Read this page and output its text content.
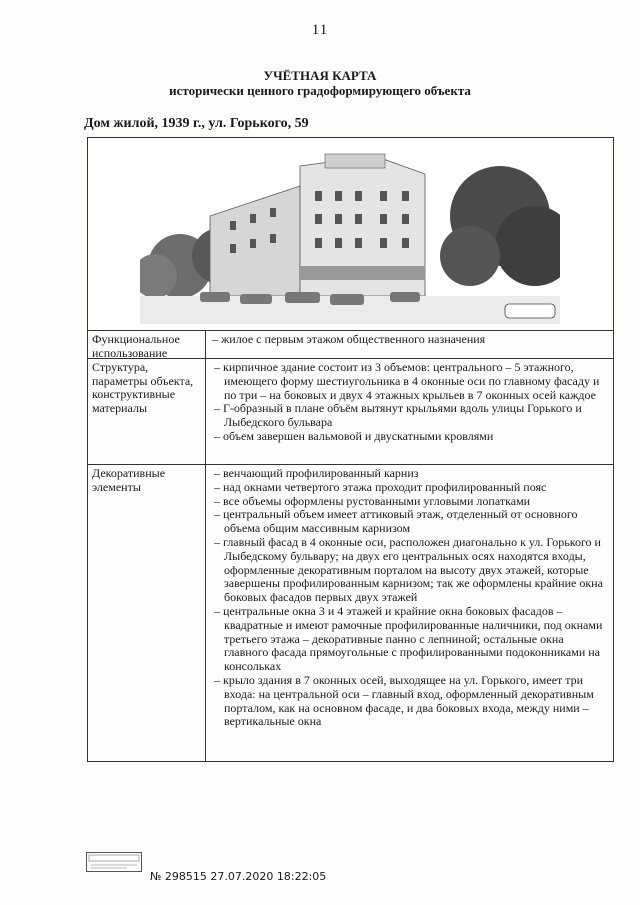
11
УЧЁТНАЯ КАРТА
исторически ценного градоформирующего объекта
Дом жилой, 1939 г., ул. Горького, 59
Функциональное использование
– жилое с первым этажом общественного назначения
Структура, параметры объекта, конструктивные материалы
– кирпичное здание состоит из 3 объемов: центрального – 5 этажного, имеющего форму шестиугольника в 4 оконные оси по главному фасаду и по три – на боковых и двух 4 этажных крыльев в 7 оконных осей каждое
– Г-образный в плане объём вытянут крыльями вдоль улицы Горького и Лыбедского бульвара
– объем завершен вальмовой и двускатными кровлями
Декоративные элементы
– венчающий профилированный карниз
– над окнами четвертого этажа проходит профилированный пояс
– все объемы оформлены рустованными угловыми лопатками
– центральный объем имеет аттиковый этаж, отделенный от основного объема общим массивным карнизом
– главный фасад в 4 оконные оси, расположен диагонально к ул. Горького и Лыбедскому бульвару; на двух его центральных осях находятся входы, оформленные декоративным порталом на высоту двух этажей, которые завершены профилированным карнизом; так же оформлены крайние окна боковых фасадов первых двух этажей
– центральные окна 3 и 4 этажей и крайние окна боковых фасадов – квадратные и имеют рамочные профилированные наличники, под окнами третьего этажа – декоративные панно с лепниной; остальные окна главного фасада прямоугольные с профилированными подоконниками на консольках
– крыло здания в 7 оконных осей, выходящее на ул. Горького, имеет три входа: на центральной оси – главный вход, оформленный декоративным порталом, как на основном фасаде, и два боковых входа, между ними – вертикальные окна
№ 298515 27.07.2020 18:22:05
